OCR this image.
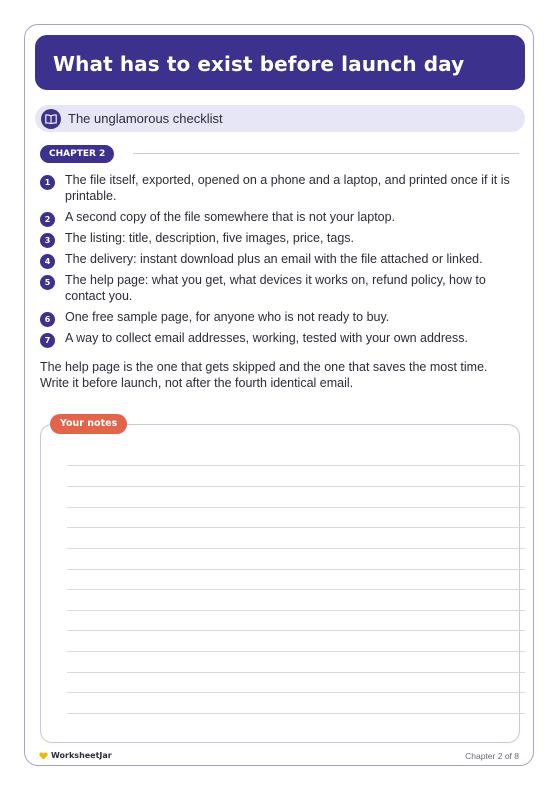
What has to exist before launch day
The unglamorous checklist
CHAPTER 2
1	The file itself, exported, opened on a phone and a laptop, and printed once if it is printable.
2	A second copy of the file somewhere that is not your laptop.
3	The listing: title, description, five images, price, tags.
4	The delivery: instant download plus an email with the file attached or linked.
5	The help page: what you get, what devices it works on, refund policy, how to contact you.
6	One free sample page, for anyone who is not ready to buy.
7	A way to collect email addresses, working, tested with your own address.

The help page is the one that gets skipped and the one that saves the most time. Write it before launch, not after the fourth identical email.

Your notes
WorksheetJar	Chapter 2 of 8
